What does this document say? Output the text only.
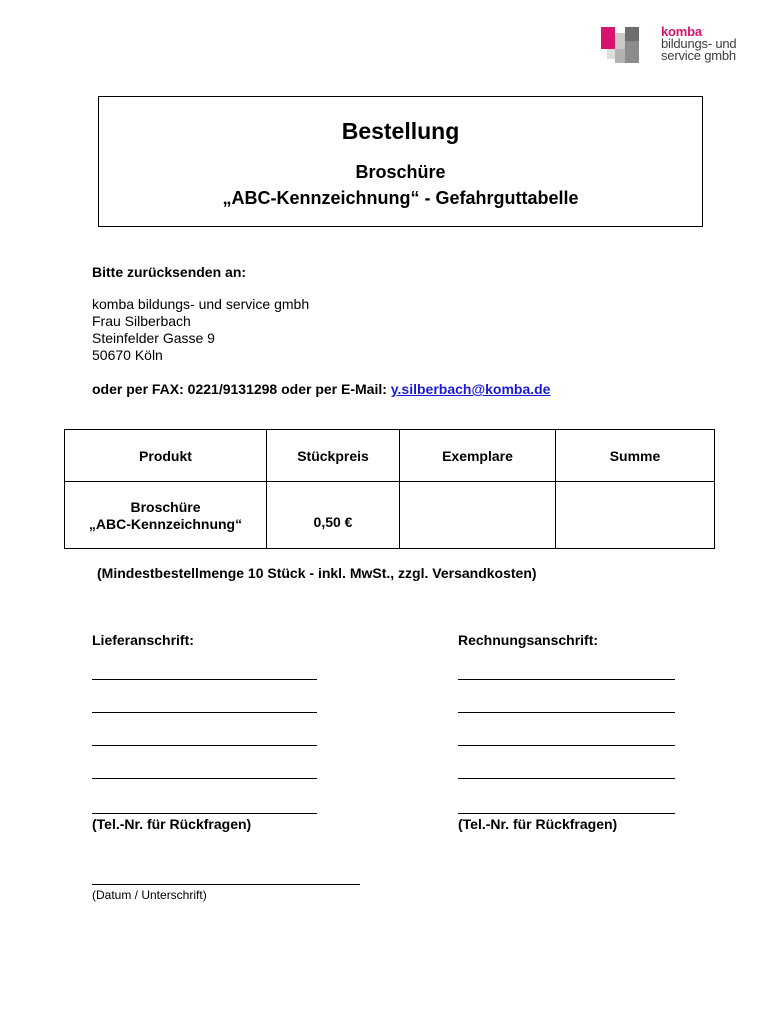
komba
bildungs- und
service gmbh
Bestellung
Broschüre
„ABC-Kennzeichnung“ - Gefahrguttabelle
Bitte zurücksenden an:
komba bildungs- und service gmbh
Frau Silberbach
Steinfelder Gasse 9
50670 Köln
oder per FAX: 0221/9131298 oder per E-Mail: y.silberbach@komba.de
Produkt	Stückpreis	Exemplare	Summe

Broschüre
„ABC-Kennzeichnung“	0,50 €		

(Mindestbestellmenge 10 Stück - inkl. MwSt., zzgl. Versandkosten)
Lieferanschrift:
(Tel.-Nr. für Rückfragen)
Rechnungsanschrift:
(Tel.-Nr. für Rückfragen)
(Datum / Unterschrift)
